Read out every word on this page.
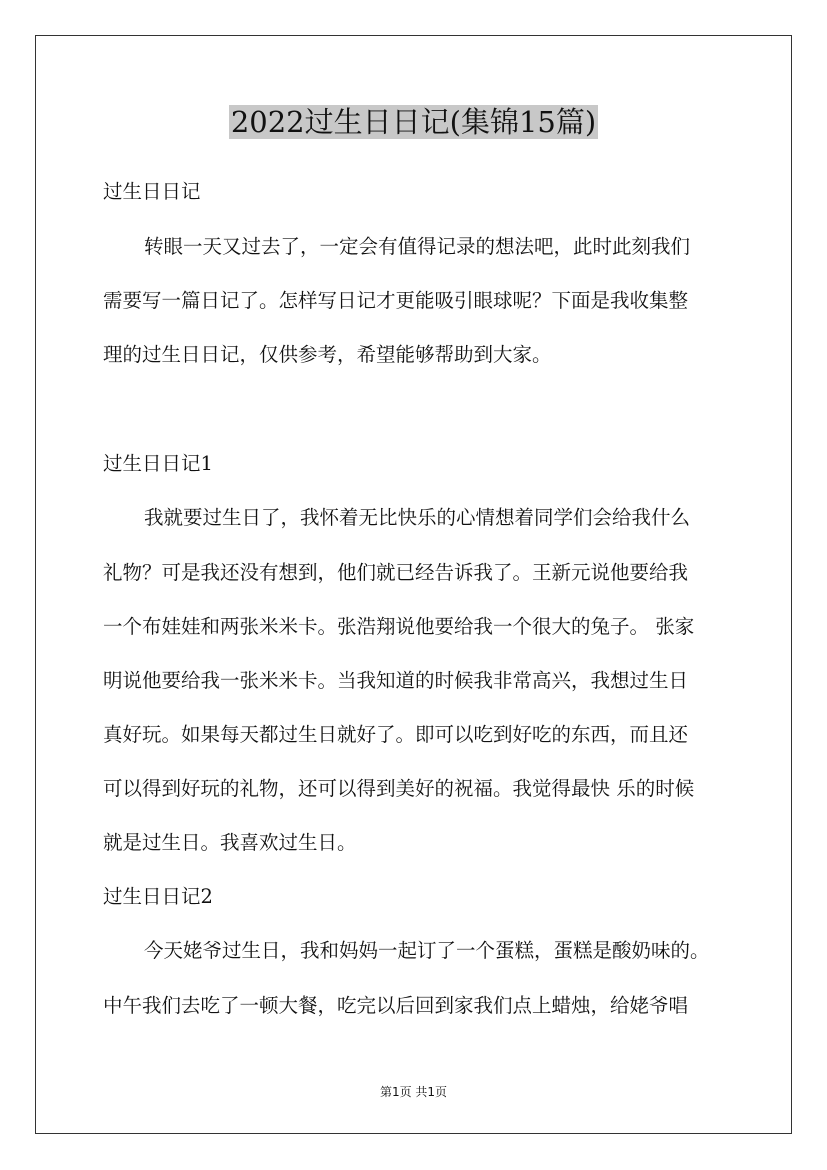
2022过生日日记(集锦15篇)
过生日日记
转眼一天又过去了，一定会有值得记录的想法吧，此时此刻我们
需要写一篇日记了。怎样写日记才更能吸引眼球呢？下面是我收集整
理的过生日日记，仅供参考，希望能够帮助到大家。
过生日日记1
我就要过生日了，我怀着无比快乐的心情想着同学们会给我什么
礼物？可是我还没有想到，他们就已经告诉我了。王新元说他要给我
一个布娃娃和两张米米卡。张浩翔说他要给我一个很大的兔子。 张家
明说他要给我一张米米卡。当我知道的时候我非常高兴，我想过生日
真好玩。如果每天都过生日就好了。即可以吃到好吃的东西，而且还
可以得到好玩的礼物，还可以得到美好的祝福。我觉得最快 乐的时候
就是过生日。我喜欢过生日。
过生日日记2
今天姥爷过生日，我和妈妈一起订了一个蛋糕，蛋糕是酸奶味的。
中午我们去吃了一顿大餐，吃完以后回到家我们点上蜡烛，给姥爷唱
第1页 共1页
